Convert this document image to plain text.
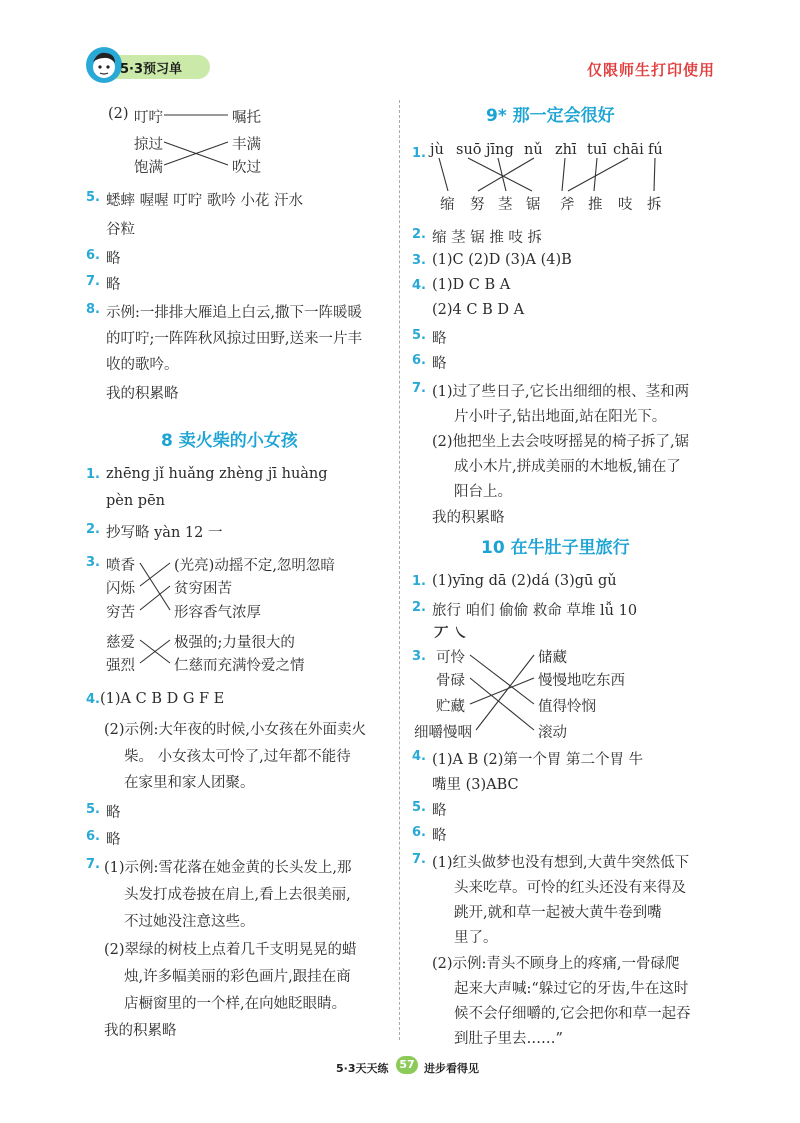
5·3预习单	仅限师生打印使用
(2) 叮咛
掠过
饱满
嘱托
丰满
吹过
5. 蟋蟀 喔喔 叮咛 歌吟 小花 汗水
谷粒
6. 略
7. 略
8. 示例:一排排大雁追上白云,撒下一阵暖暖
的叮咛;一阵阵秋风掠过田野,送来一片丰
收的歌吟。
我的积累略
8 卖火柴的小女孩
1. zhēng jǐ huǎng zhèng jī huàng
pèn pēn
2. 抄写略 yàn 12 一
3. 喷香
闪烁
穷苦
慈爱
强烈
(光亮)动摇不定,忽明忽暗
贫穷困苦
形容香气浓厚
极强的;力量很大的
仁慈而充满怜爱之情
4. (1)A C B D G F E
(2)示例:大年夜的时候,小女孩在外面卖火
柴。 小女孩太可怜了,过年都不能待
在家里和家人团聚。
5. 略
6. 略
7. (1)示例:雪花落在她金黄的长头发上,那
头发打成卷披在肩上,看上去很美丽,
不过她没注意这些。
(2)翠绿的树枝上点着几千支明晃晃的蜡
烛,许多幅美丽的彩色画片,跟挂在商
店橱窗里的一个样,在向她眨眼睛。
我的积累略
9* 那一定会很好
1. jù suō jīng nǔ zhī tuī chāi fú
缩 努 茎 锯 斧 推 吱 拆
2. 缩 茎 锯 推 吱 拆
3. (1)C (2)D (3)A (4)B
4. (1)D C B A
(2)4 C B D A
5. 略
6. 略
7. (1)过了些日子,它长出细细的根、茎和两
片小叶子,钻出地面,站在阳光下。
(2)他把坐上去会吱呀摇晃的椅子拆了,锯
成小木片,拼成美丽的木地板,铺在了
阳台上。
我的积累略
10 在牛肚子里旅行
1. (1)yīng dā (2)dá (3)gū gǔ
2. 旅行 咱们 偷偷 救命 草堆 lǚ 10
丆 ㇏
3. 可怜
骨碌
贮藏
细嚼慢咽
储藏
慢慢地吃东西
值得怜悯
滚动
4. (1)A B (2)第一个胃 第二个胃 牛
嘴里 (3)ABC
5. 略
6. 略
7. (1)红头做梦也没有想到,大黄牛突然低下
头来吃草。可怜的红头还没有来得及
跳开,就和草一起被大黄牛卷到嘴
里了。
(2)示例:青头不顾身上的疼痛,一骨碌爬
起来大声喊:“躲过它的牙齿,牛在这时
候不会仔细嚼的,它会把你和草一起吞
到肚子里去……”
5·3天天练 57 进步看得见
